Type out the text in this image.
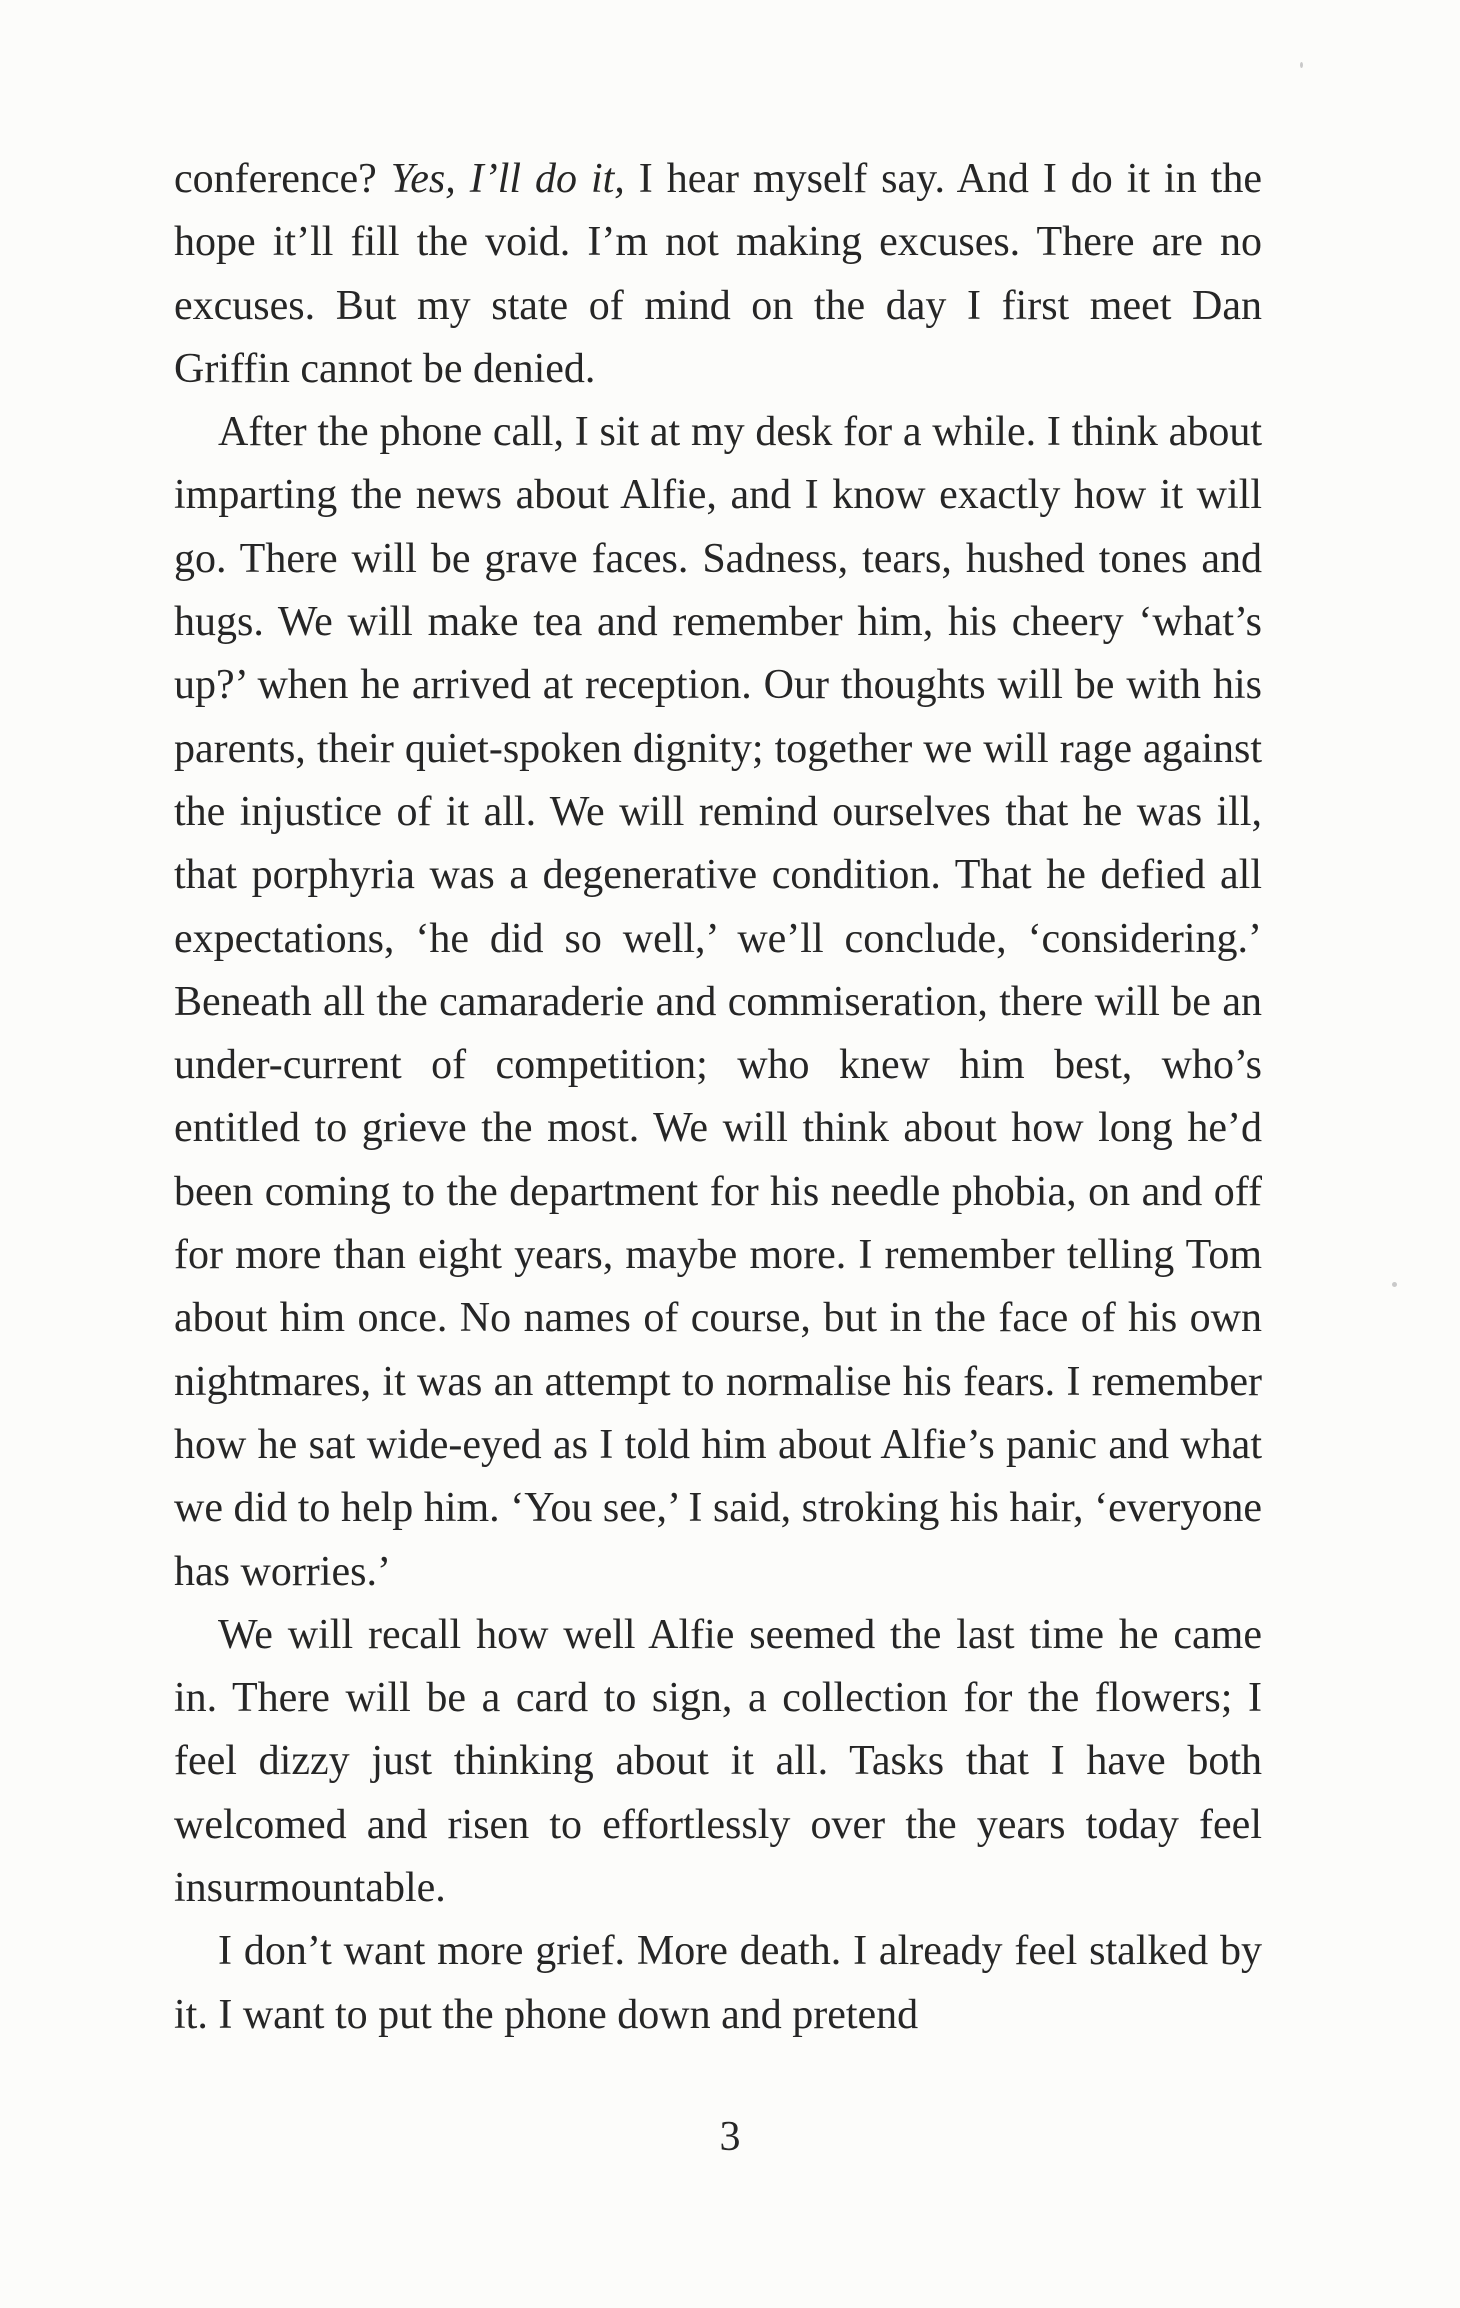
conference? Yes, I’ll do it, I hear myself say. And I do it in the hope it’ll fill the void. I’m not making excuses. There are no excuses. But my state of mind on the day I first meet Dan Griffin cannot be denied.

After the phone call, I sit at my desk for a while. I think about imparting the news about Alfie, and I know exactly how it will go. There will be grave faces. Sadness, tears, hushed tones and hugs. We will make tea and remember him, his cheery ‘what’s up?’ when he arrived at reception. Our thoughts will be with his parents, their quiet-spoken dignity; together we will rage against the injustice of it all. We will remind ourselves that he was ill, that porphyria was a degenerative condition. That he defied all expectations, ‘he did so well,’ we’ll conclude, ‘considering.’ Beneath all the camaraderie and commiseration, there will be an under-current of competition; who knew him best, who’s entitled to grieve the most. We will think about how long he’d been coming to the department for his needle phobia, on and off for more than eight years, maybe more. I remember telling Tom about him once. No names of course, but in the face of his own nightmares, it was an attempt to normalise his fears. I remember how he sat wide-eyed as I told him about Alfie’s panic and what we did to help him. ‘You see,’ I said, stroking his hair, ‘everyone has worries.’

We will recall how well Alfie seemed the last time he came in. There will be a card to sign, a collection for the flowers; I feel dizzy just thinking about it all. Tasks that I have both welcomed and risen to effortlessly over the years today feel insurmountable.

I don’t want more grief. More death. I already feel stalked by it. I want to put the phone down and pretend

3
